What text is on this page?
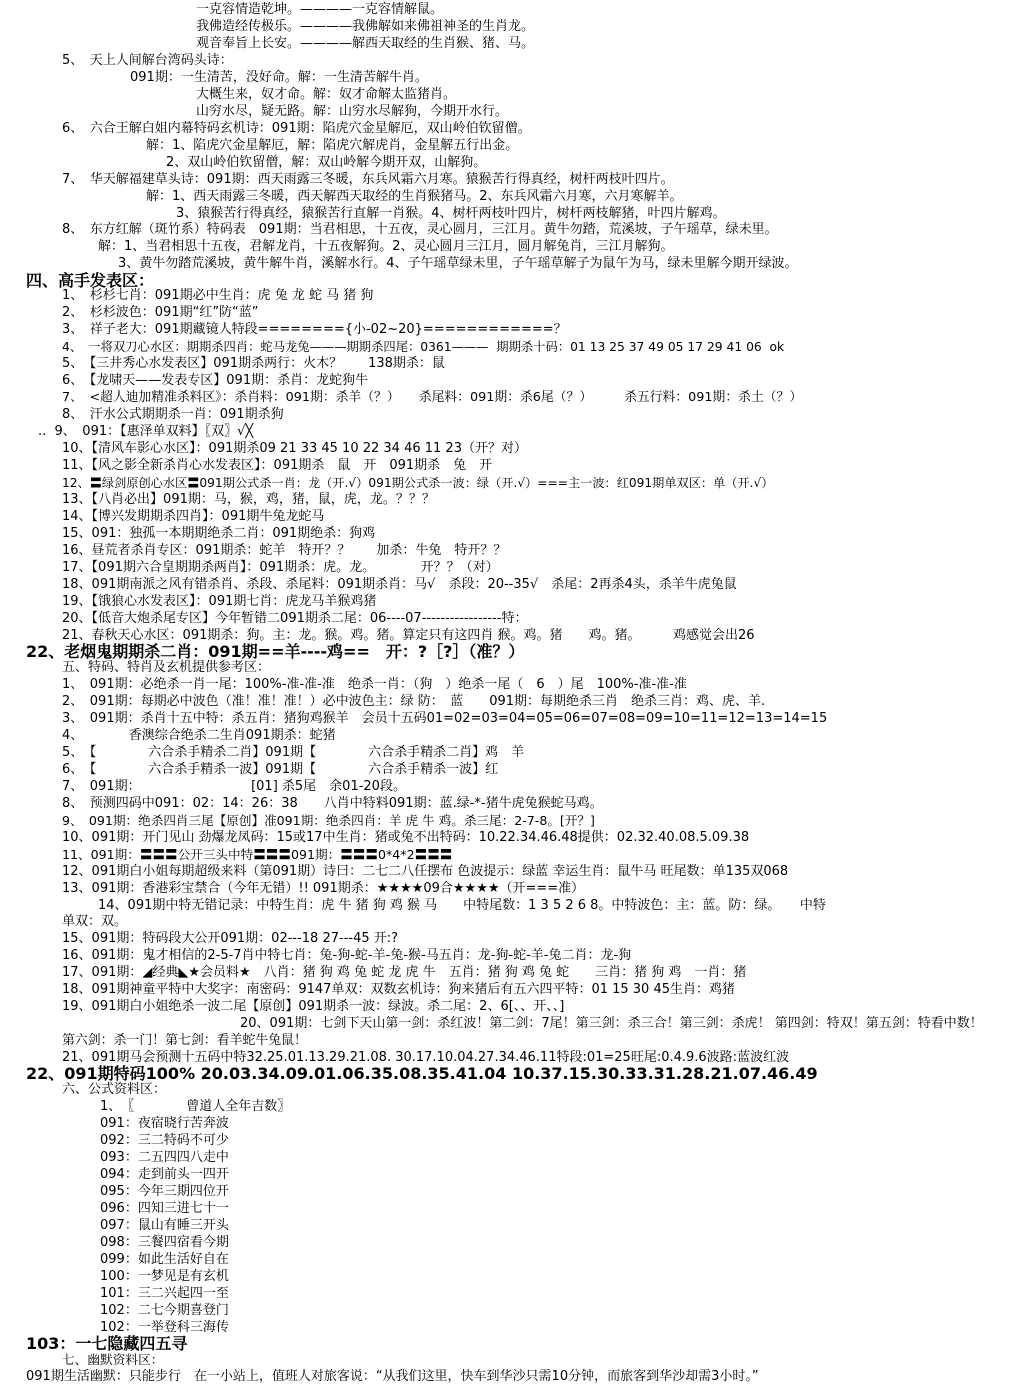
一克容情造乾坤。————一克容情解鼠。
我佛造经传极乐。————我佛解如来佛祖神圣的生肖龙。
观音奉旨上长安。————解西天取经的生肖猴、猪、马。
5、　天上人间解台湾码头诗：
091期：一生清苦，没好命。解：一生清苦解牛肖。
大概生来，奴才命。解：奴才命解太监猪肖。
山穷水尽，疑无路。解：山穷水尽解狗，今期开水行。
6、　六合王解白姐内幕特码玄机诗：091期：陷虎穴金星解厄，双山岭伯钦留僧。
解：1、陷虎穴金星解厄，解：陷虎穴解虎肖，金星解五行出金。
2、双山岭伯钦留僧，解：双山岭解今期开双，山解狗。
7、　华天解福建草头诗：091期：西天雨露三冬暖，东兵风霜六月寒。猿猴苦行得真经，树杆两枝叶四片。
解：1、西天雨露三冬暖，西天解西天取经的生肖猴猪马。2、东兵风霜六月寒，六月寒解羊。
3、猿猴苦行得真经，猿猴苦行直解一肖猴。4、树杆两枝叶四片，树杆两枝解猪，叶四片解鸡。
8、　东方红解（斑竹系）特码表　091期：当君相思，十五夜，灵心圆月，三江月。黄牛勿踏，荒溪坡，子午瑶草，绿未里。
解：1、当君相思十五夜，君解龙肖，十五夜解狗。2、灵心圆月三江月，圆月解兔肖，三江月解狗。
3、黄牛勿踏荒溪坡，黄牛解牛肖，溪解水行。4、子午瑶草绿未里，子午瑶草解子为鼠午为马，绿未里解今期开绿波。
四、高手发表区：
1、　杉杉七肖：091期必中生肖：虎 兔 龙 蛇 马 猪 狗
2、　杉杉波色：091期“红”防“蓝”
3、　祥子老大：091期藏镜人特段========{小-02~20}============？
4、　一将双刀心水区：期期杀四肖：蛇马龙兔———期期杀四尾：0361———  期期杀十码：01 13 25 37 49 05 17 29 41 06  ok
5、　【三井秀心水发表区】091期杀两行：火木？　　138期杀：鼠
6、　【龙啸天——发表专区】091期：杀肖：龙蛇狗牛
7、　<超人迪加精准杀料区》：杀肖料：091期：杀羊（？）　　杀尾料：091期：杀6尾（？）　　　杀五行料：091期：杀土（？）
8、　汗水公式期期杀一肖：091期杀狗
..  9、　091：【惠泽单双料】〖双〗√╳
10、【清风车影心水区】：091期杀09 21 33 45 10 22 34 46 11 23（开？对）
11、【风之影全新杀肖心水发表区】：091期杀　鼠　开　091期杀　兔　开
12、〓绿剑原创心水区〓091期公式杀一肖：龙（开.√）091期公式杀一波：绿（开.√）===主一波：红091期单双区：单（开.√）
13、【八肖必出】091期：马，猴，鸡，猪，鼠，虎，龙。？？？
14、【博兴发期期杀四肖】：091期牛兔龙蛇马
15、091：独孤一本期期绝杀二肖：091期绝杀：狗鸡
16、昼荒者杀肖专区：091期杀：蛇羊　特开？？　　加杀：牛兔　特开？？
17、【091期六合皇期期杀两肖】：091期杀：虎。龙。　　　　开？？（对）
18、091期南派之风有错杀肖、杀段、杀尾料：091期杀肖：马√　杀段：20--35√　杀尾：2再杀4头，杀羊牛虎兔鼠
19、【饿狼心水发表区】：091期七肖：虎龙马羊猴鸡猪
20、【低音大炮杀尾专区】今年暂错二091期杀二尾：06----07-----------------特：
21、春秋天心水区：091期杀：狗。主：龙。猴。鸡。猪。算定只有这四肖 猴。鸡。猪　　鸡。猪。　　　鸡感觉会出26
22、老烟鬼期期杀二肖：091期==羊----鸡==　开：?［?］（准？）
五、特码、特肖及玄机提供参考区：
1、　091期：必绝杀一肖一尾：100%-准-准-准　绝杀一肖：（狗　）绝杀一尾（　6　）尾　100%-准-准-准
2、　091期：每期必中波色（准！准！准！）必中波色主：绿 防：　蓝　　091期：每期绝杀三肖　绝杀三肖：鸡、虎、羊.
3、　091期：杀肖十五中特：杀五肖：猪狗鸡猴羊　会员十五码01=02=03=04=05=06=07=08=09=10=11=12=13=14=15
4、　　　　香澳综合绝杀二生肖091期杀：蛇猪
5、　【　　　　六合杀手精杀二肖】091期【　　　　六合杀手精杀二肖】鸡　羊
6、　【　　　　六合杀手精杀一波】091期【　　　　六合杀手精杀一波】红
7、　091期：　　　　　　　　　[01] 杀5尾　余01-20段。
8、　预测四码中091：02：14：26：38　　八肖中特料091期：蓝.绿-*-猪牛虎兔猴蛇马鸡。
9、　091期：绝杀四肖三尾【原创】准091期：绝杀四肖：羊 虎 牛 鸡。杀三尾：2-7-8。[开？]
10、091期：开门见山 劲爆龙凤码：15或17中生肖：猪或兔不出特码：10.22.34.46.48提供：02.32.40.08.5.09.38
11、091期：〓〓〓公开三头中特〓〓〓091期：〓〓〓0*4*2〓〓〓
12、091期白小姐每期超级来料（第091期）诗曰：二七二八任摆布 色波提示：绿蓝 幸运生肖：鼠牛马 旺尾数：单135双068
13、091期：香港彩宝禁合（今年无错）!! 091期杀：★★★★09合★★★★（开===准）
14、091期中特无错记录：中特生肖：虎 牛 猪 狗 鸡 猴 马　　中特尾数：1 3 5 2 6 8。中特波色：主：蓝。防：绿。　　中特
单双：双。
15、091期：特码段大公开091期：02---18 27---45 开:?
16、091期：鬼才相信的2-5-7肖中特七肖：兔-狗-蛇-羊-兔-猴-马五肖：龙-狗-蛇-羊-兔二肖：龙-狗
17、091期：◢经典◣★会员料★　八肖：猪 狗 鸡 兔 蛇 龙 虎 牛　五肖：猪 狗 鸡 兔 蛇　　三肖：猪 狗 鸡　一肖：猪
18、091期神童平特中大奖字：南密码：9147单双：双数玄机诗：狗来猪后有五六四平特：01 15 30 45生肖：鸡猪
19、091期白小姐绝杀一波二尾【原创】091期杀一波：绿波。杀二尾：2、6[、、开、、]
20、091期：七剑下天山第一剑：杀红波！第二剑：7尾！第三剑：杀三合！第三剑：杀虎！ 第四剑：特双！第五剑：特看中数！
第六剑：杀一门！第七剑：看羊蛇牛兔鼠！
21、091期马会预测十五码中特32.25.01.13.29.21.08. 30.17.10.04.27.34.46.11特段:01=25旺尾:0.4.9.6波路:蓝波红波
22、091期特码100% 20.03.34.09.01.06.35.08.35.41.04 10.37.15.30.33.31.28.21.07.46.49
六、公式资料区：
1、　〖　　　　曾道人全年吉数〗
091：夜宿晓行苦奔波
092：三二特码不可少
093：二五四四八走中
094：走到前头一四开
095：今年三期四位开
096：四知三进七十一
097：鼠山有睡三开头
098：三餐四宿看今期
099：如此生活好自在
100：一梦见是有玄机
101：三二兴起四一至
102：二七今期喜登门
102：一举登科三海传
103：一七隐藏四五寻
七、幽默资料区：
091期生活幽默：只能步行　在一小站上，值班人对旅客说：“从我们这里，快车到华沙只需10分钟，而旅客到华沙却需3小时。”
